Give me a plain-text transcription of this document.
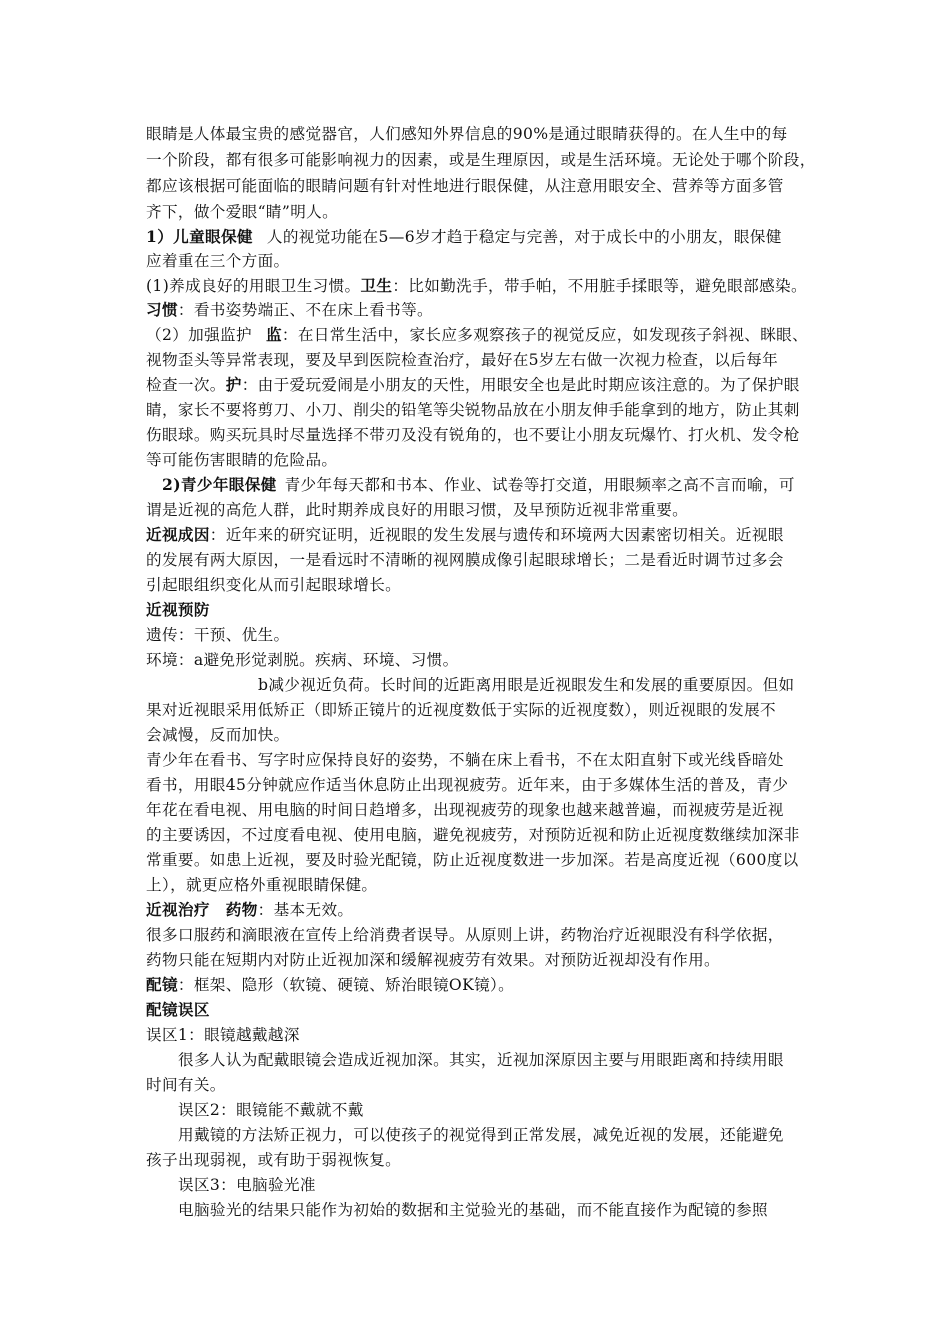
眼睛是人体最宝贵的感觉器官，人们感知外界信息的90%是通过眼睛获得的。在人生中的每
一个阶段，都有很多可能影响视力的因素，或是生理原因，或是生活环境。无论处于哪个阶段，
都应该根据可能面临的眼睛问题有针对性地进行眼保健，从注意用眼安全、营养等方面多管
齐下，做个爱眼“睛”明人。
1）儿童眼保健 人的视觉功能在5—6岁才趋于稳定与完善，对于成长中的小朋友，眼保健
应着重在三个方面。
(1)养成良好的用眼卫生习惯。卫生：比如勤洗手，带手帕，不用脏手揉眼等，避免眼部感染。
习惯：看书姿势端正、不在床上看书等。
（2）加强监护 监：在日常生活中，家长应多观察孩子的视觉反应，如发现孩子斜视、眯眼、
视物歪头等异常表现，要及早到医院检查治疗，最好在5岁左右做一次视力检查，以后每年
检查一次。护：由于爱玩爱闹是小朋友的天性，用眼安全也是此时期应该注意的。为了保护眼
睛，家长不要将剪刀、小刀、削尖的铅笔等尖锐物品放在小朋友伸手能拿到的地方，防止其刺
伤眼球。购买玩具时尽量选择不带刃及没有锐角的，也不要让小朋友玩爆竹、打火机、发令枪
等可能伤害眼睛的危险品。
2)青少年眼保健 青少年每天都和书本、作业、试卷等打交道，用眼频率之高不言而喻，可
谓是近视的高危人群，此时期养成良好的用眼习惯，及早预防近视非常重要。
近视成因：近年来的研究证明，近视眼的发生发展与遗传和环境两大因素密切相关。近视眼
的发展有两大原因，一是看远时不清晰的视网膜成像引起眼球增长；二是看近时调节过多会
引起眼组织变化从而引起眼球增长。
近视预防
遗传：干预、优生。
环境：a避免形觉剥脱。疾病、环境、习惯。
b减少视近负荷。长时间的近距离用眼是近视眼发生和发展的重要原因。但如
果对近视眼采用低矫正（即矫正镜片的近视度数低于实际的近视度数），则近视眼的发展不
会减慢，反而加快。
青少年在看书、写字时应保持良好的姿势，不躺在床上看书，不在太阳直射下或光线昏暗处
看书，用眼45分钟就应作适当休息防止出现视疲劳。近年来，由于多媒体生活的普及，青少
年花在看电视、用电脑的时间日趋增多，出现视疲劳的现象也越来越普遍，而视疲劳是近视
的主要诱因，不过度看电视、使用电脑，避免视疲劳，对预防近视和防止近视度数继续加深非
常重要。如患上近视，要及时验光配镜，防止近视度数进一步加深。若是高度近视（600度以
上），就更应格外重视眼睛保健。
近视治疗 药物：基本无效。
很多口服药和滴眼液在宣传上给消费者误导。从原则上讲，药物治疗近视眼没有科学依据，
药物只能在短期内对防止近视加深和缓解视疲劳有效果。对预防近视却没有作用。
配镜：框架、隐形（软镜、硬镜、矫治眼镜OK镜）。
配镜误区
误区1：眼镜越戴越深
很多人认为配戴眼镜会造成近视加深。其实，近视加深原因主要与用眼距离和持续用眼
时间有关。
误区2：眼镜能不戴就不戴
用戴镜的方法矫正视力，可以使孩子的视觉得到正常发展，减免近视的发展，还能避免
孩子出现弱视，或有助于弱视恢复。
误区3：电脑验光准
电脑验光的结果只能作为初始的数据和主觉验光的基础，而不能直接作为配镜的参照
